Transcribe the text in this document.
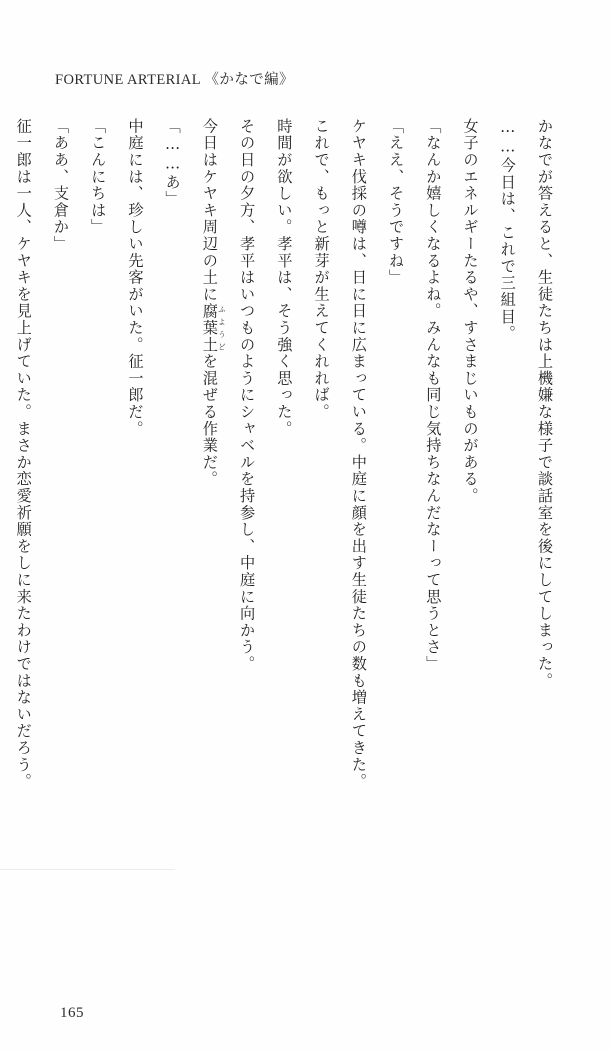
FORTUNE ARTERIAL 《かなで編》

かなでが答えると、生徒たちは上機嫌な様子で談話室を後にしてしまった。

……今日は、これで三組目。

女子のエネルギーたるや、すさまじいものがある。

「なんか嬉しくなるよね。みんなも同じ気持ちなんだなーって思うとさ」

「ええ、そうですね」

ケヤキ伐採の噂は、日に日に広まっている。中庭に顔を出す生徒たちの数も増えてきた。

これで、もっと新芽が生えてくれれば。

時間が欲しい。孝平は、そう強く思った。

その日の夕方、孝平はいつものようにシャベルを持参し、中庭に向かう。

今日はケヤキ周辺の土に腐葉土ふようどを混ぜる作業だ。

「……あ」

中庭には、珍しい先客がいた。征一郎だ。

「こんにちは」

「ああ、支倉か」

征一郎は一人、ケヤキを見上げていた。まさか恋愛祈願をしに来たわけではないだろう。

165
